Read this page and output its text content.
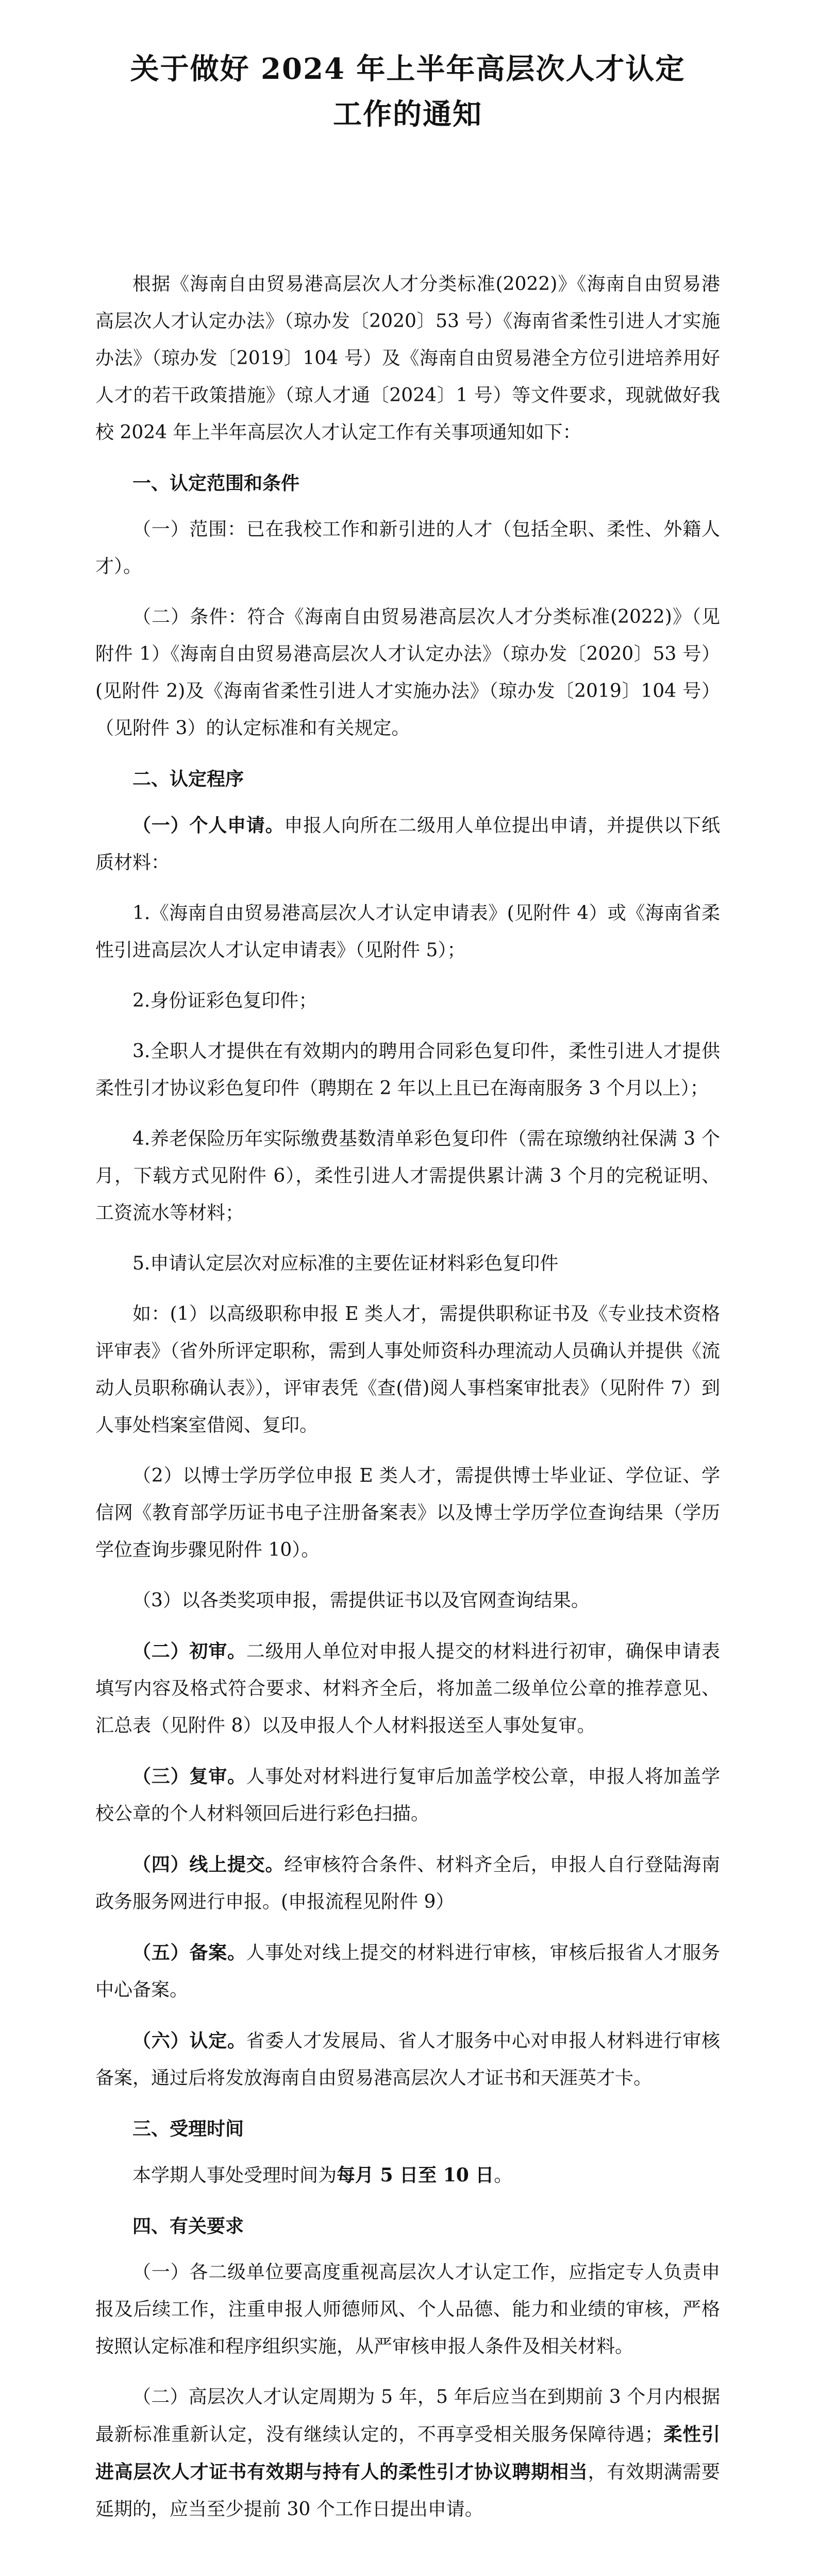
关于做好 2024 年上半年高层次人才认定
工作的通知

根据《海南自由贸易港高层次人才分类标准(2022)》《海南自由贸易港高层次人才认定办法》（琼办发〔2020〕53 号）《海南省柔性引进人才实施办法》（琼办发〔2019〕104 号）及《海南自由贸易港全方位引进培养用好人才的若干政策措施》（琼人才通〔2024〕1 号）等文件要求，现就做好我校 2024 年上半年高层次人才认定工作有关事项通知如下：

一、认定范围和条件

（一）范围：已在我校工作和新引进的人才（包括全职、柔性、外籍人才）。

（二）条件：符合《海南自由贸易港高层次人才分类标准(2022)》（见附件 1）《海南自由贸易港高层次人才认定办法》（琼办发〔2020〕53 号）(见附件 2)及《海南省柔性引进人才实施办法》（琼办发〔2019〕104 号）（见附件 3）的认定标准和有关规定。

二、认定程序

（一）个人申请。申报人向所在二级用人单位提出申请，并提供以下纸质材料：

1.《海南自由贸易港高层次人才认定申请表》(见附件 4）或《海南省柔性引进高层次人才认定申请表》（见附件 5）；

2.身份证彩色复印件；

3.全职人才提供在有效期内的聘用合同彩色复印件，柔性引进人才提供柔性引才协议彩色复印件（聘期在 2 年以上且已在海南服务 3 个月以上）；

4.养老保险历年实际缴费基数清单彩色复印件（需在琼缴纳社保满 3 个月，下载方式见附件 6），柔性引进人才需提供累计满 3 个月的完税证明、工资流水等材料；

5.申请认定层次对应标准的主要佐证材料彩色复印件

如：(1）以高级职称申报 E 类人才，需提供职称证书及《专业技术资格评审表》（省外所评定职称，需到人事处师资科办理流动人员确认并提供《流动人员职称确认表》），评审表凭《查(借)阅人事档案审批表》（见附件 7）到人事处档案室借阅、复印。

（2）以博士学历学位申报 E 类人才，需提供博士毕业证、学位证、学信网《教育部学历证书电子注册备案表》以及博士学历学位查询结果（学历学位查询步骤见附件 10）。

（3）以各类奖项申报，需提供证书以及官网查询结果。

（二）初审。二级用人单位对申报人提交的材料进行初审，确保申请表填写内容及格式符合要求、材料齐全后，将加盖二级单位公章的推荐意见、汇总表（见附件 8）以及申报人个人材料报送至人事处复审。

（三）复审。人事处对材料进行复审后加盖学校公章，申报人将加盖学校公章的个人材料领回后进行彩色扫描。

（四）线上提交。经审核符合条件、材料齐全后，申报人自行登陆海南政务服务网进行申报。(申报流程见附件 9）

（五）备案。人事处对线上提交的材料进行审核，审核后报省人才服务中心备案。

（六）认定。省委人才发展局、省人才服务中心对申报人材料进行审核备案，通过后将发放海南自由贸易港高层次人才证书和天涯英才卡。

三、受理时间

本学期人事处受理时间为每月 5 日至 10 日。

四、有关要求

（一）各二级单位要高度重视高层次人才认定工作，应指定专人负责申报及后续工作，注重申报人师德师风、个人品德、能力和业绩的审核，严格按照认定标准和程序组织实施，从严审核申报人条件及相关材料。

（二）高层次人才认定周期为 5 年，5 年后应当在到期前 3 个月内根据最新标准重新认定，没有继续认定的，不再享受相关服务保障待遇；柔性引进高层次人才证书有效期与持有人的柔性引才协议聘期相当，有效期满需要延期的，应当至少提前 30 个工作日提出申请。
